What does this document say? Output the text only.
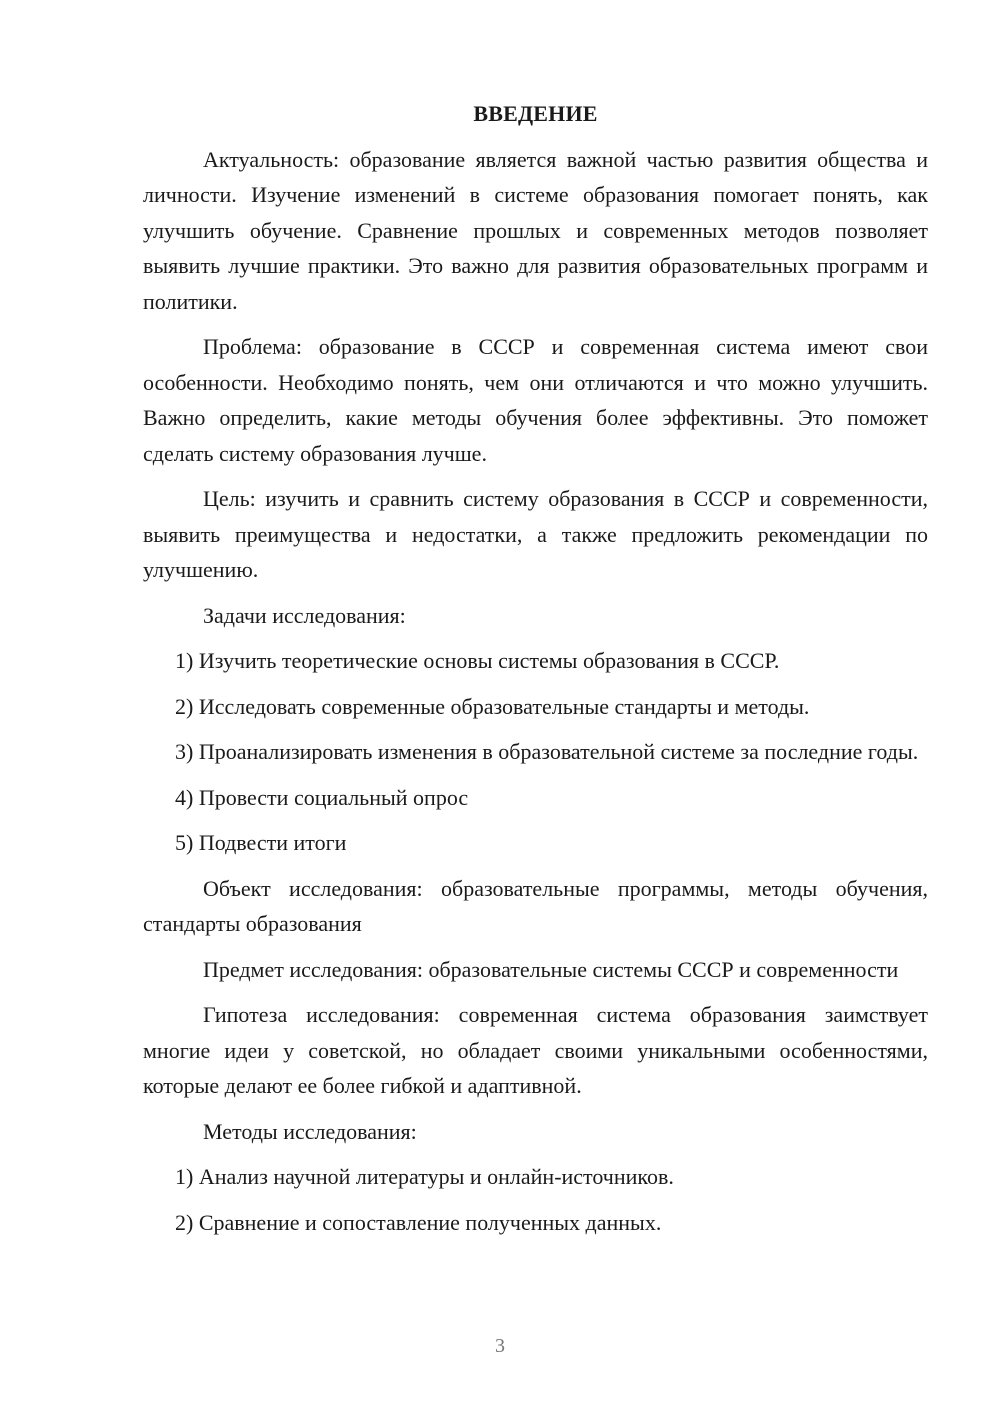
ВВЕДЕНИЕ

Актуальность: образование является важной частью развития общества и личности. Изучение изменений в системе образования помогает понять, как улучшить обучение. Сравнение прошлых и современных методов позволяет выявить лучшие практики. Это важно для развития образовательных программ и политики.

Проблема: образование в СССР и современная система имеют свои особенности. Необходимо понять, чем они отличаются и что можно улучшить. Важно определить, какие методы обучения более эффективны. Это поможет сделать систему образования лучше.

Цель: изучить и сравнить систему образования в СССР и современности, выявить преимущества и недостатки, а также предложить рекомендации по улучшению.

Задачи исследования:

1) Изучить теоретические основы системы образования в СССР.

2) Исследовать современные образовательные стандарты и методы.

3) Проанализировать изменения в образовательной системе за последние годы.

4) Провести социальный опрос

5) Подвести итоги

Объект исследования: образовательные программы, методы обучения, стандарты образования

Предмет исследования: образовательные системы СССР и современности

Гипотеза исследования: современная система образования заимствует многие идеи у советской, но обладает своими уникальными особенностями, которые делают ее более гибкой и адаптивной.

Методы исследования:

1) Анализ научной литературы и онлайн-источников.

2) Сравнение и сопоставление полученных данных.

3
